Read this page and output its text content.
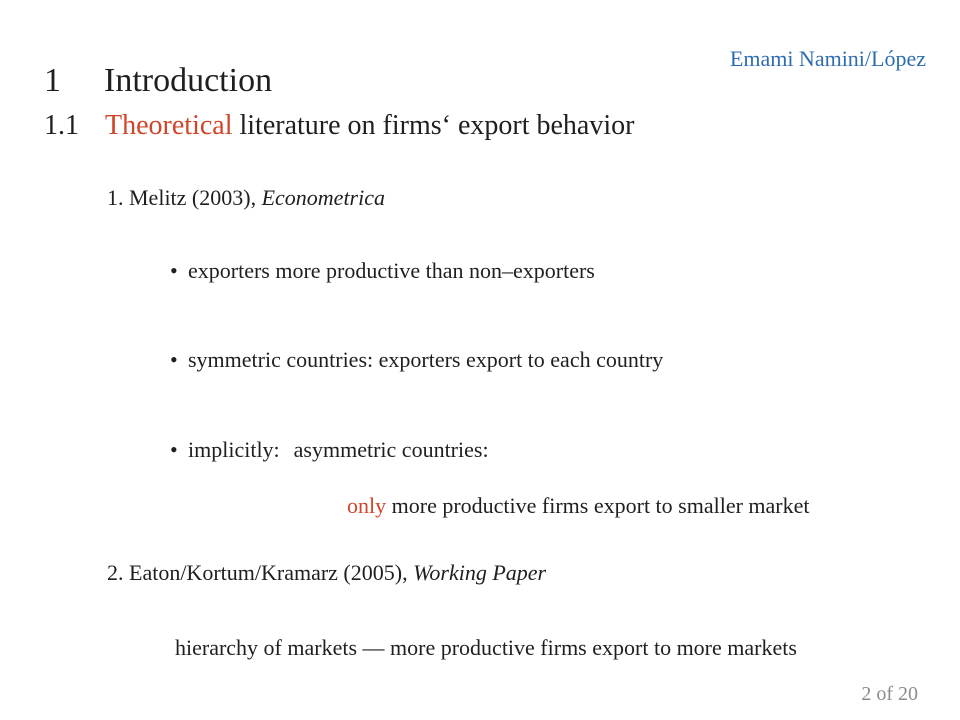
Emami Namini/López
1 Introduction
1.1 Theoretical literature on firms‘ export behavior
1. Melitz (2003), Econometrica
• exporters more productive than non–exporters
• symmetric countries: exporters export to each country
• implicitly: asymmetric countries:
only more productive firms export to smaller market
2. Eaton/Kortum/Kramarz (2005), Working Paper
hierarchy of markets — more productive firms export to more markets
2 of 20
